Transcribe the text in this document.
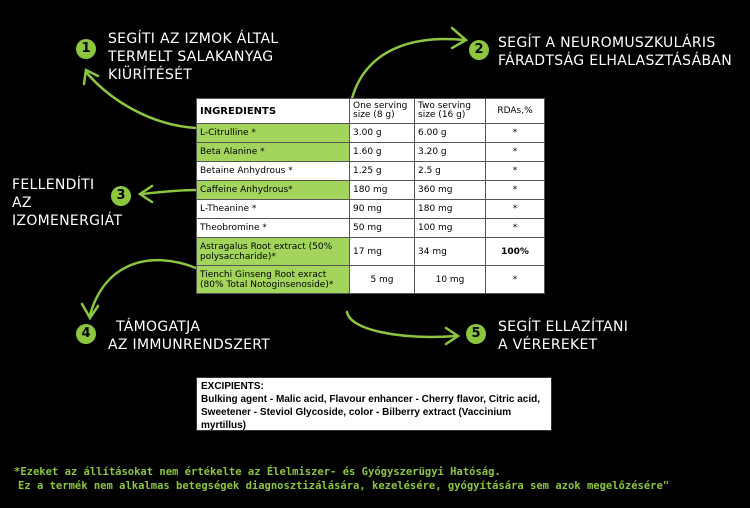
1
SEGÍTI AZ IZMOK ÁLTAL
TERMELT SALAKANYAG
KIÜRÍTÉSÉT
2	SEGÍT A NEUROMUSZKULÁRIS
FÁRADTSÁG ELHALASZTÁSÁBAN
3
FELLENDÍTI
AZ
IZOMENERGIÁT
4	TÁMOGATJA
AZ IMMUNRENDSZERT
5	SEGÍT ELLAZÍTANI
A VÉREREKET
INGREDIENTS	One serving size (8 g)	Two serving size (16 g)	RDAs,%
L-Citrulline *	3.00 g	6.00 g	*
Beta Alanine *	1.60 g	3.20 g	*
Betaine Anhydrous *	1.25 g	2.5 g	*
Caffeine Anhydrous*	180 mg	360 mg	*
L-Theanine *	90 mg	180 mg	*
Theobromine *	50 mg	100 mg	*
Astragalus Root extract (50% polysaccharide)*	17 mg	34 mg	100%
Tienchi Ginseng Root exract (80% Total Notoginsenoside)*	5 mg	10 mg	*
EXCIPIENTS:
Bulking agent - Malic acid, Flavour enhancer - Cherry flavor, Citric acid,
Sweetener - Steviol Glycoside, color - Bilberry extract (Vaccinium myrtillus)
*Ezeket az állításokat nem értékelte az Élelmiszer- és Gyógyszerügyi Hatóság.
Ez a termék nem alkalmas betegségek diagnosztizálására, kezelésére, gyógyítására sem azok megelőzésére"
